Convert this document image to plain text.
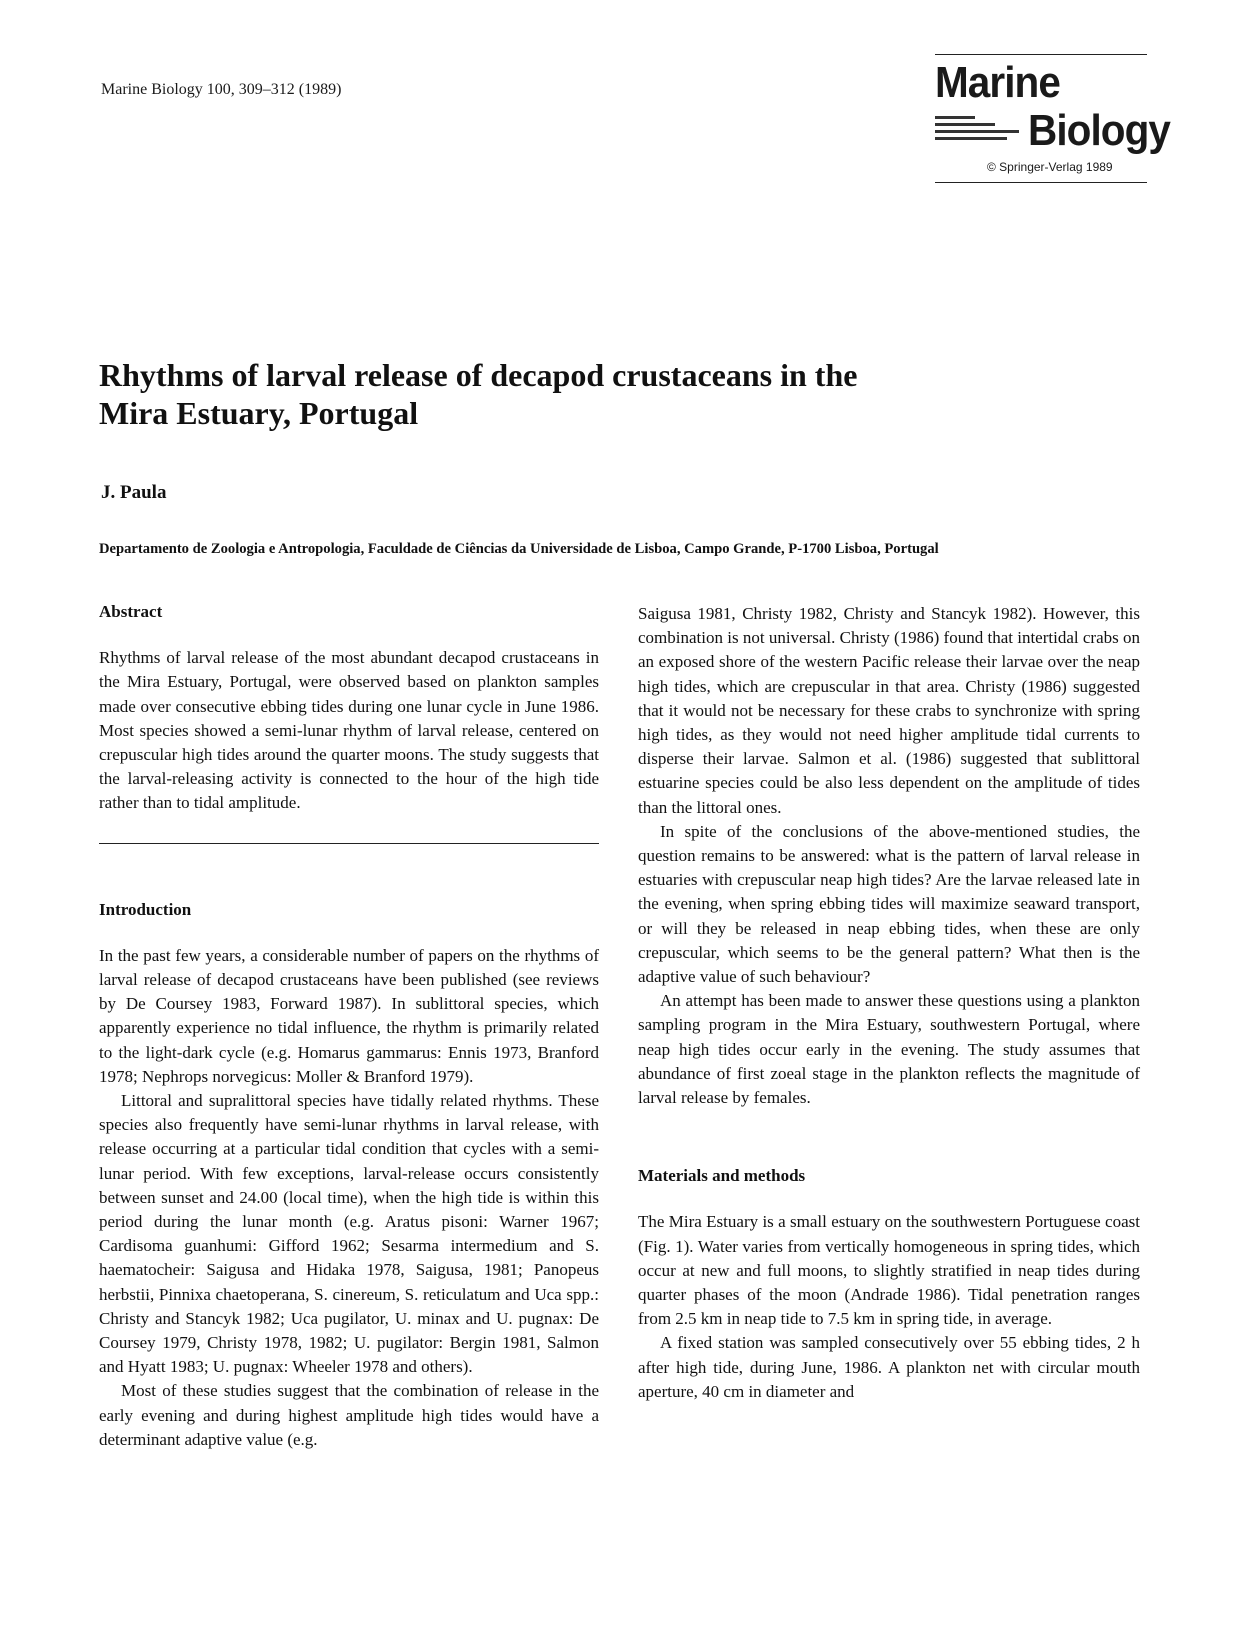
Marine Biology 100, 309–312 (1989)	Marine
Biology
© Springer-Verlag 1989
Rhythms of larval release of decapod crustaceans in the Mira Estuary, Portugal
J. Paula
Departamento de Zoologia e Antropologia, Faculdade de Ciências da Universidade de Lisboa, Campo Grande, P-1700 Lisboa, Portugal
Abstract

Rhythms of larval release of the most abundant decapod crustaceans in the Mira Estuary, Portugal, were observed based on plankton samples made over consecutive ebbing tides during one lunar cycle in June 1986. Most species showed a semi-lunar rhythm of larval release, centered on crepuscular high tides around the quarter moons. The study suggests that the larval-releasing activity is connected to the hour of the high tide rather than to tidal amplitude.

Introduction

In the past few years, a considerable number of papers on the rhythms of larval release of decapod crustaceans have been published (see reviews by De Coursey 1983, Forward 1987). In sublittoral species, which apparently experience no tidal influence, the rhythm is primarily related to the light-dark cycle (e.g. Homarus gammarus: Ennis 1973, Branford 1978; Nephrops norvegicus: Moller & Branford 1979).

Littoral and supralittoral species have tidally related rhythms. These species also frequently have semi-lunar rhythms in larval release, with release occurring at a particular tidal condition that cycles with a semi-lunar period. With few exceptions, larval-release occurs consistently between sunset and 24.00 (local time), when the high tide is within this period during the lunar month (e.g. Aratus pisoni: Warner 1967; Cardisoma guanhumi: Gifford 1962; Sesarma intermedium and S. haematocheir: Saigusa and Hidaka 1978, Saigusa, 1981; Panopeus herbstii, Pinnixa chaetoperana, S. cinereum, S. reticulatum and Uca spp.: Christy and Stancyk 1982; Uca pugilator, U. minax and U. pugnax: De Coursey 1979, Christy 1978, 1982; U. pugilator: Bergin 1981, Salmon and Hyatt 1983; U. pugnax: Wheeler 1978 and others).

Most of these studies suggest that the combination of release in the early evening and during highest amplitude high tides would have a determinant adaptive value (e.g.

Saigusa 1981, Christy 1982, Christy and Stancyk 1982). However, this combination is not universal. Christy (1986) found that intertidal crabs on an exposed shore of the western Pacific release their larvae over the neap high tides, which are crepuscular in that area. Christy (1986) suggested that it would not be necessary for these crabs to synchronize with spring high tides, as they would not need higher amplitude tidal currents to disperse their larvae. Salmon et al. (1986) suggested that sublittoral estuarine species could be also less dependent on the amplitude of tides than the littoral ones.

In spite of the conclusions of the above-mentioned studies, the question remains to be answered: what is the pattern of larval release in estuaries with crepuscular neap high tides? Are the larvae released late in the evening, when spring ebbing tides will maximize seaward transport, or will they be released in neap ebbing tides, when these are only crepuscular, which seems to be the general pattern? What then is the adaptive value of such behaviour?

An attempt has been made to answer these questions using a plankton sampling program in the Mira Estuary, southwestern Portugal, where neap high tides occur early in the evening. The study assumes that abundance of first zoeal stage in the plankton reflects the magnitude of larval release by females.

Materials and methods

The Mira Estuary is a small estuary on the southwestern Portuguese coast (Fig. 1). Water varies from vertically homogeneous in spring tides, which occur at new and full moons, to slightly stratified in neap tides during quarter phases of the moon (Andrade 1986). Tidal penetration ranges from 2.5 km in neap tide to 7.5 km in spring tide, in average.

A fixed station was sampled consecutively over 55 ebbing tides, 2 h after high tide, during June, 1986. A plankton net with circular mouth aperture, 40 cm in diameter and
